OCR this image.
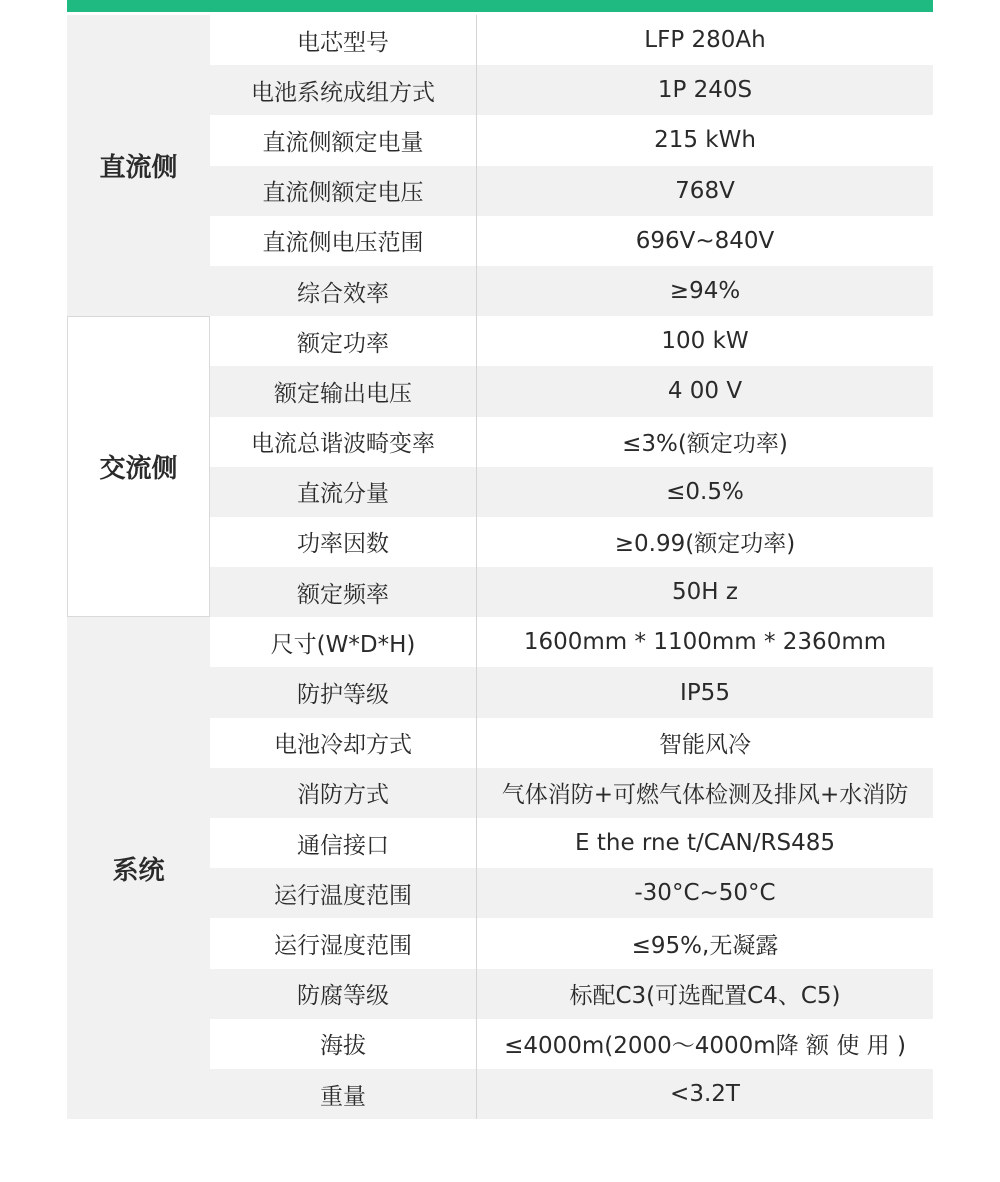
直流侧
电芯型号	LFP 280Ah
电池系统成组方式	1P 240S
直流侧额定电量	215 kWh
直流侧额定电压	768V
直流侧电压范围	696V~840V
综合效率	≥94%
交流侧
额定功率	100 kW
额定输出电压	4 00 V
电流总谐波畸变率	≤3%(额定功率)
直流分量	≤0.5%
功率因数	≥0.99(额定功率)
额定频率	50H z
系统
尺寸(W*D*H)	1600mm * 1100mm * 2360mm
防护等级	IP55
电池冷却方式	智能风冷
消防方式	气体消防+可燃气体检测及排风+水消防
通信接口	E the rne t/CAN/RS485
运行温度范围	-30°C~50°C
运行湿度范围	≤95%,无凝露
防腐等级	标配C3(可选配置C4、C5)
海拔	≤4000m(2000～4000m降 额 使 用 )
重量	<3.2T
